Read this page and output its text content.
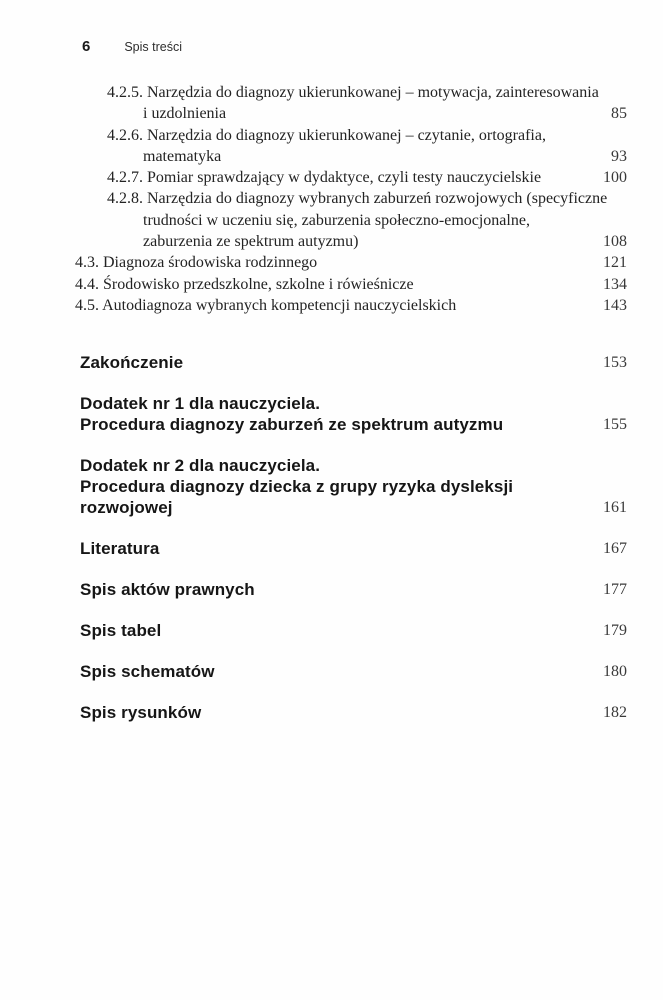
6	Spis treści
4.2.5. Narzędzia do diagnozy ukierunkowanej – motywacja, zainteresowania
i uzdolnienia	85
4.2.6. Narzędzia do diagnozy ukierunkowanej – czytanie, ortografia,
matematyka	93
4.2.7. Pomiar sprawdzający w dydaktyce, czyli testy nauczycielskie	100
4.2.8. Narzędzia do diagnozy wybranych zaburzeń rozwojowych (specyficzne
trudności w uczeniu się, zaburzenia społeczno-emocjonalne,
zaburzenia ze spektrum autyzmu)	108
4.3. Diagnoza środowiska rodzinnego	121
4.4. Środowisko przedszkolne, szkolne i rówieśnicze	134
4.5. Autodiagnoza wybranych kompetencji nauczycielskich	143
Zakończenie	153
Dodatek nr 1 dla nauczyciela.
Procedura diagnozy zaburzeń ze spektrum autyzmu	155
Dodatek nr 2 dla nauczyciela.
Procedura diagnozy dziecka z grupy ryzyka dysleksji
rozwojowej	161
Literatura	167
Spis aktów prawnych	177
Spis tabel	179
Spis schematów	180
Spis rysunków	182
